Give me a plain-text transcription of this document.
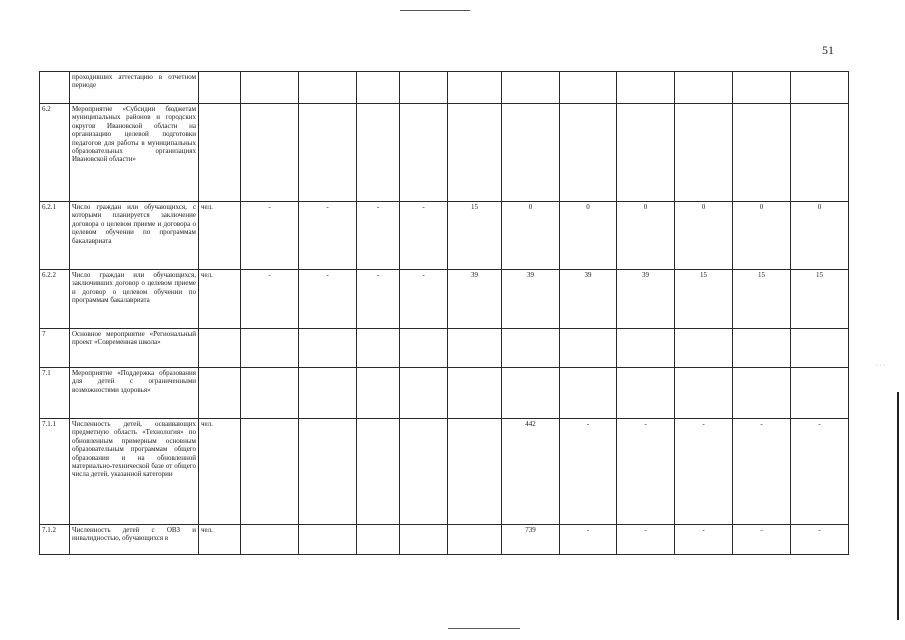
51
	проходивших аттестацию в отчетном периоде												
6.2	Мероприятие «Субсидии бюджетам муниципальных районов и городских округов Ивановской области на организацию целевой подготовки педагогов для работы в муниципальных образовательных организациях Ивановской области»												
6.2.1	Число граждан или обучающихся, с которыми планируется заключение договора о целевом приеме и договора о целевом обучении по программам бакалавриата	чел.	-	-	-	-	15	0	0	0	0	0	0
6.2.2	Число граждан или обучающихся, заключивших договор о целевом приеме и договор о целевом обучении по программам бакалавриата	чел.	-	-	-	-	39	39	39	39	15	15	15
7	Основное мероприятие «Региональный проект «Современная школа»												
7.1	Мероприятие «Поддержка образования для детей с ограниченными возможностями здоровья»												
7.1.1	Численность детей, осваивающих предметную область «Технология» по обновленным примерным основным образовательным программам общего образования и на обновленной материально-технической базе от общего числа детей, указанной категории	чел.						442	-	-	-	-	-
7.1.2	Численность детей с ОВЗ и инвалидностью, обучающихся в	чел.						739	-	-	-	-	-
· · ·
